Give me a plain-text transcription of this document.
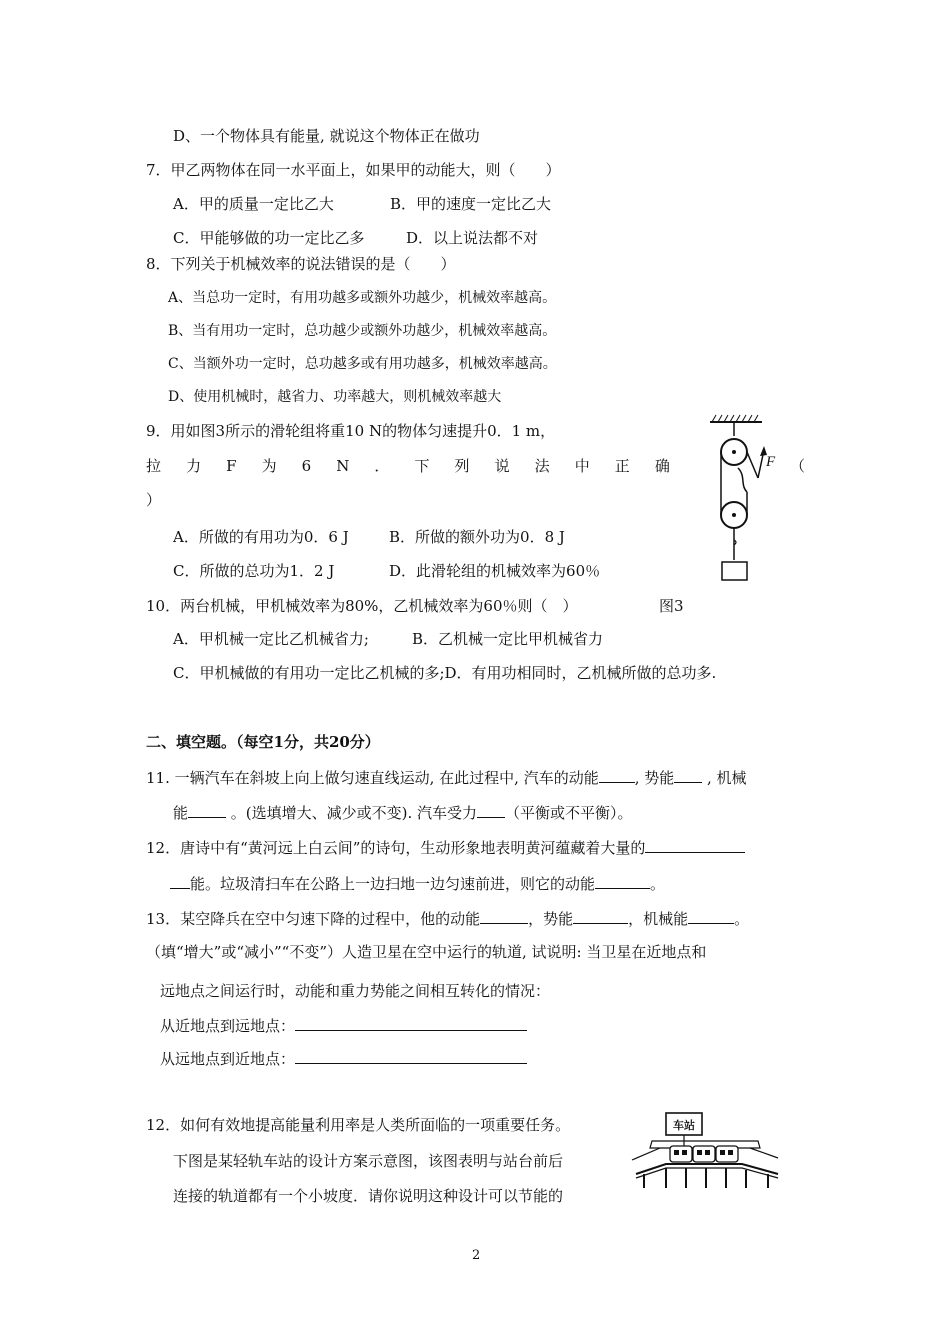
D、一个物体具有能量, 就说这个物体正在做功
7．甲乙两物体在同一水平面上，如果甲的动能大，则（　　）
A．甲的质量一定比乙大	B．甲的速度一定比乙大
C．甲能够做的功一定比乙多	D．以上说法都不对
8．下列关于机械效率的说法错误的是（　　）
A、当总功一定时，有用功越多或额外功越少，机械效率越高。
B、当有用功一定时，总功越少或额外功越少，机械效率越高。
C、当额外功一定时，总功越多或有用功越多，机械效率越高。
D、使用机械时，越省力、功率越大，则机械效率越大
9．用如图3所示的滑轮组将重10 N的物体匀速提升0．1 m，
拉 力 F 为 6 N ． 下 列 说 法 中 正 确	（
）
A．所做的有用功为0．6 J	B．所做的额外功为0．8 J
C．所做的总功为1．2 J	D．此滑轮组的机械效率为60％
F
10．两台机械，甲机械效率为80%，乙机械效率为60％则（　）	图3
A．甲机械一定比乙机械省力;	B．乙机械一定比甲机械省力
C．甲机械做的有用功一定比乙机械的多;D．有用功相同时，乙机械所做的总功多.
二、填空题。（每空1分，共20分）
11. 一辆汽车在斜坡上向上做匀速直线运动, 在此过程中, 汽车的动能 , 势能 , 机械
能	。(选填增大、减少或不变). 汽车受力 （平衡或不平衡）。
12．唐诗中有“黄河远上白云间”的诗句，生动形象地表明黄河蕴藏着大量的
能。垃圾清扫车在公路上一边扫地一边匀速前进，则它的动能	。
13．某空降兵在空中匀速下降的过程中，他的动能	，势能	，机械能	。
（填“增大”或“减小”“不变”）人造卫星在空中运行的轨道, 试说明: 当卫星在近地点和
远地点之间运行时，动能和重力势能之间相互转化的情况：
从近地点到远地点：
从远地点到近地点：
12．如何有效地提高能量利用率是人类所面临的一项重要任务。
下图是某轻轨车站的设计方案示意图，该图表明与站台前后
连接的轨道都有一个小坡度．请你说明这种设计可以节能的
车站
2
